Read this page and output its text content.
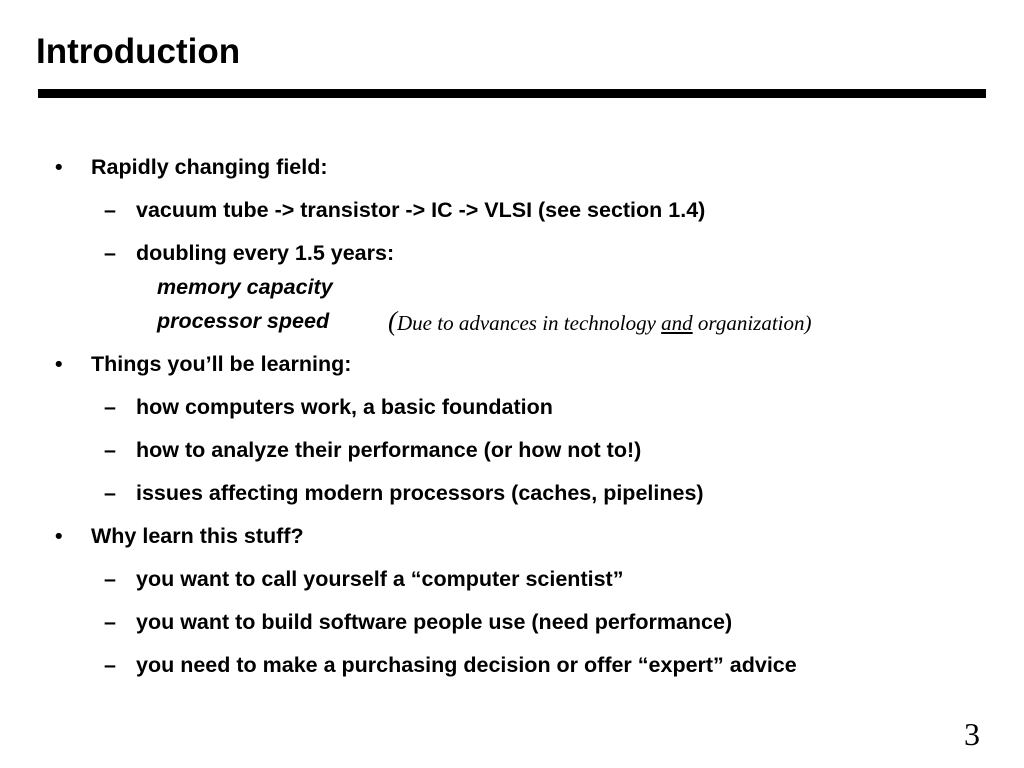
Introduction
• Rapidly changing field:
– vacuum tube -> transistor -> IC -> VLSI (see section 1.4)
– doubling every 1.5 years:
memory capacity
processor speed (Due to advances in technology and organization)
• Things you’ll be learning:
– how computers work, a basic foundation
– how to analyze their performance (or how not to!)
– issues affecting modern processors (caches, pipelines)
• Why learn this stuff?
– you want to call yourself a “computer scientist”
– you want to build software people use (need performance)
– you need to make a purchasing decision or offer “expert” advice
3
